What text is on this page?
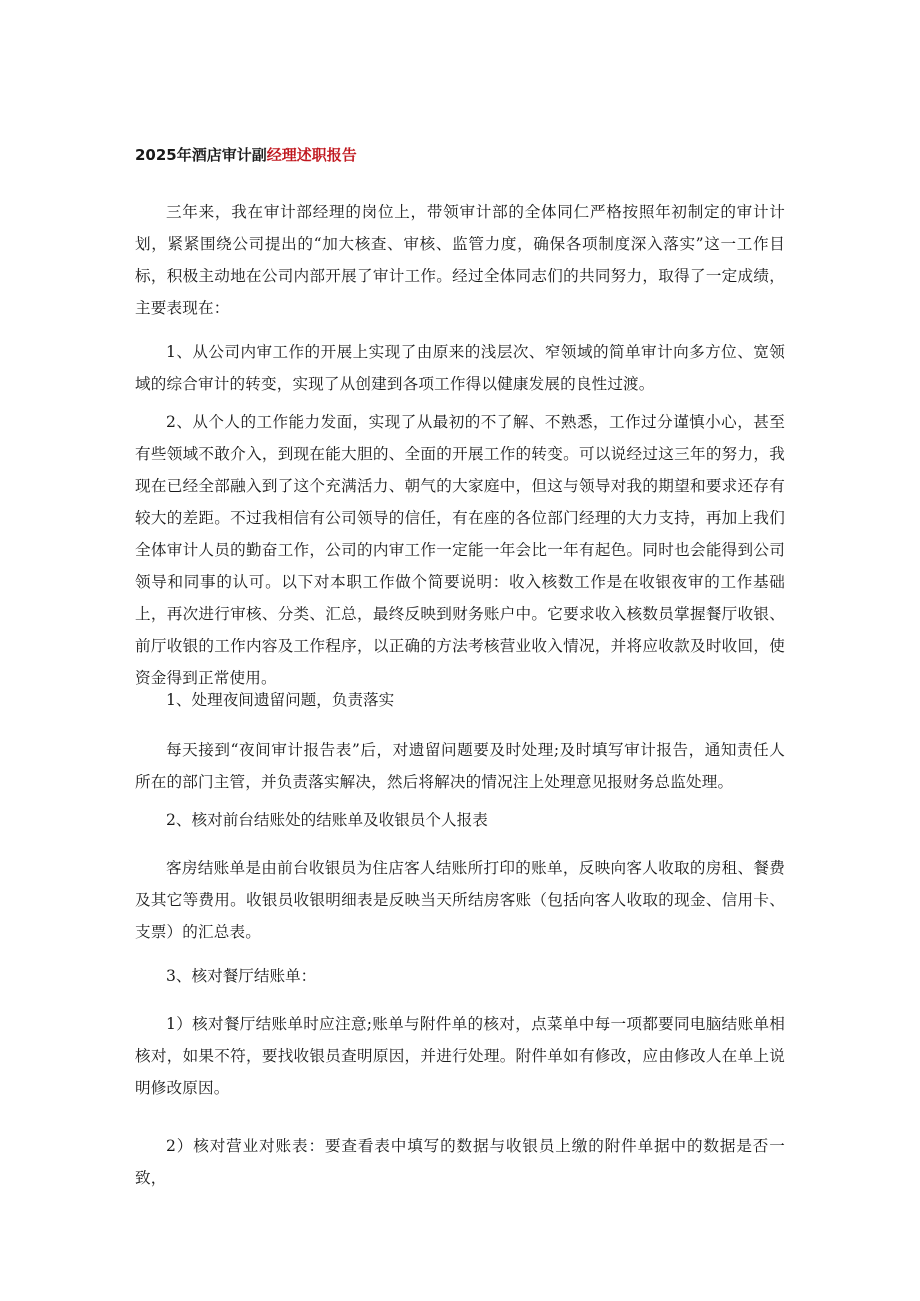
2025年酒店审计副经理述职报告

三年来，我在审计部经理的岗位上，带领审计部的全体同仁严格按照年初制定的审计计划，紧紧围绕公司提出的“加大核查、审核、监管力度，确保各项制度深入落实”这一工作目标，积极主动地在公司内部开展了审计工作。经过全体同志们的共同努力，取得了一定成绩，主要表现在：

1、从公司内审工作的开展上实现了由原来的浅层次、窄领域的简单审计向多方位、宽领域的综合审计的转变，实现了从创建到各项工作得以健康发展的良性过渡。

2、从个人的工作能力发面，实现了从最初的不了解、不熟悉，工作过分谨慎小心，甚至有些领域不敢介入，到现在能大胆的、全面的开展工作的转变。可以说经过这三年的努力，我现在已经全部融入到了这个充满活力、朝气的大家庭中，但这与领导对我的期望和要求还存有较大的差距。不过我相信有公司领导的信任，有在座的各位部门经理的大力支持，再加上我们全体审计人员的勤奋工作，公司的内审工作一定能一年会比一年有起色。同时也会能得到公司领导和同事的认可。以下对本职工作做个简要说明：收入核数工作是在收银夜审的工作基础上，再次进行审核、分类、汇总，最终反映到财务账户中。它要求收入核数员掌握餐厅收银、前厅收银的工作内容及工作程序，以正确的方法考核营业收入情况，并将应收款及时收回，使资金得到正常使用。

1、处理夜间遗留问题，负责落实

每天接到“夜间审计报告表”后，对遗留问题要及时处理;及时填写审计报告，通知责任人所在的部门主管，并负责落实解决，然后将解决的情况注上处理意见报财务总监处理。

2、核对前台结账处的结账单及收银员个人报表

客房结账单是由前台收银员为住店客人结账所打印的账单，反映向客人收取的房租、餐费及其它等费用。收银员收银明细表是反映当天所结房客账（包括向客人收取的现金、信用卡、支票）的汇总表。

3、核对餐厅结账单：

1）核对餐厅结账单时应注意;账单与附件单的核对，点菜单中每一项都要同电脑结账单相核对，如果不符，要找收银员查明原因，并进行处理。附件单如有修改，应由修改人在单上说明修改原因。

2）核对营业对账表：要查看表中填写的数据与收银员上缴的附件单据中的数据是否一致，
